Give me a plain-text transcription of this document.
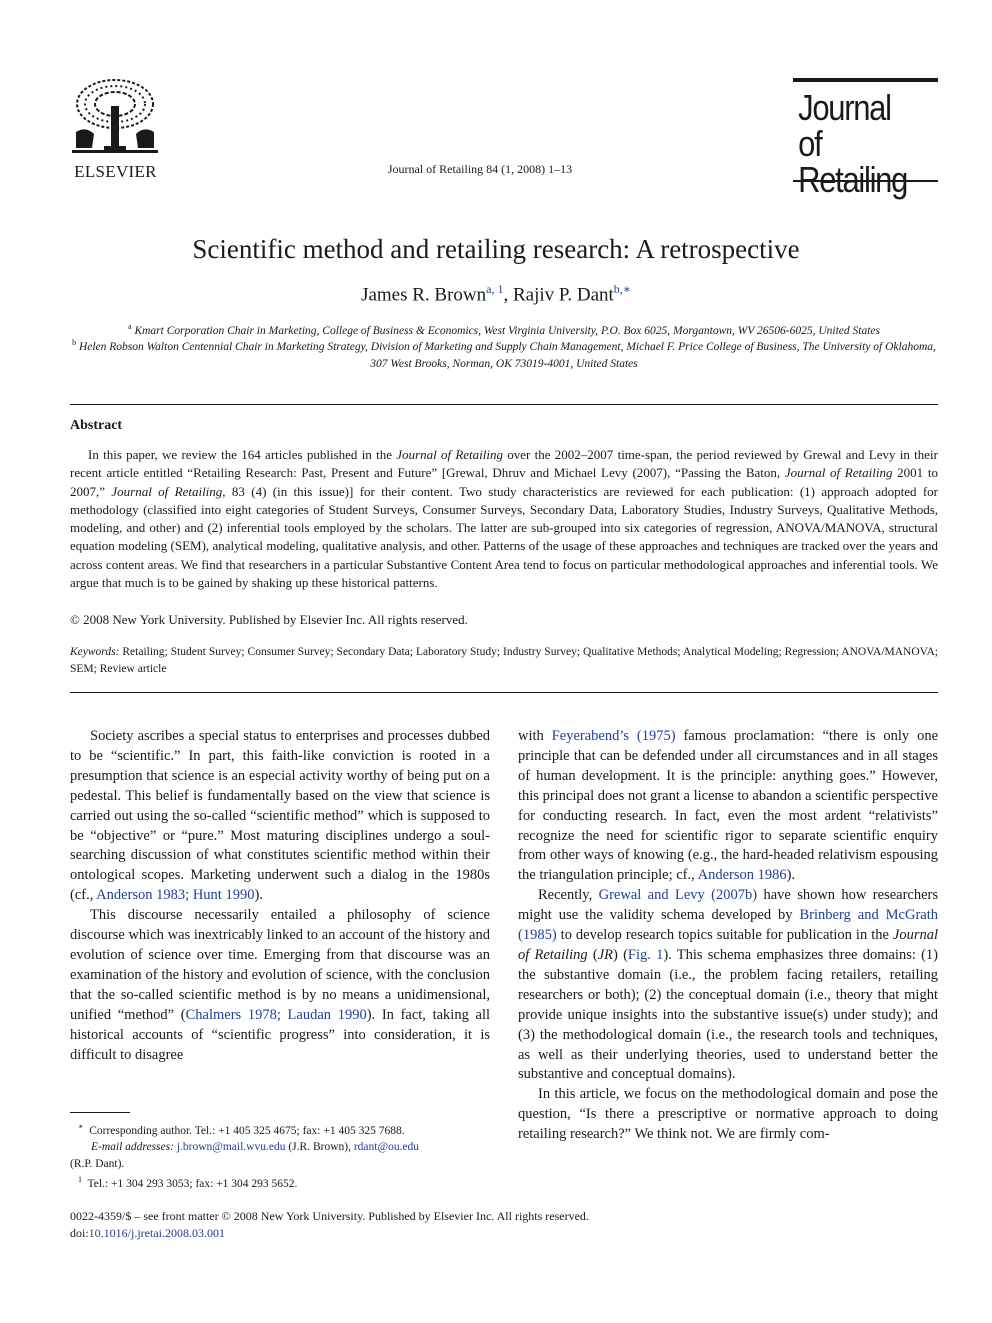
ELSEVIER	Journal of Retailing 84 (1, 2008) 1–13
Journal of
Retailing
Scientific method and retailing research: A retrospective
James R. Brown$^{a, 1}$, Rajiv P. Dant$^{b,∗}$
$^a$ Kmart Corporation Chair in Marketing, College of Business & Economics, West Virginia University, P.O. Box 6025, Morgantown, WV 26506-6025, United States
$^b$ Helen Robson Walton Centennial Chair in Marketing Strategy, Division of Marketing and Supply Chain Management, Michael F. Price College of Business, The University of Oklahoma, 307 West Brooks, Norman, OK 73019-4001, United States
Abstract
In this paper, we review the 164 articles published in the Journal of Retailing over the 2002–2007 time-span, the period reviewed by Grewal and Levy in their recent article entitled “Retailing Research: Past, Present and Future” [Grewal, Dhruv and Michael Levy (2007), “Passing the Baton, Journal of Retailing 2001 to 2007,” Journal of Retailing, 83 (4) (in this issue)] for their content. Two study characteristics are reviewed for each publication: (1) approach adopted for methodology (classified into eight categories of Student Surveys, Consumer Surveys, Secondary Data, Laboratory Studies, Industry Surveys, Qualitative Methods, modeling, and other) and (2) inferential tools employed by the scholars. The latter are sub-grouped into six categories of regression, ANOVA/MANOVA, structural equation modeling (SEM), analytical modeling, qualitative analysis, and other. Patterns of the usage of these approaches and techniques are tracked over the years and across content areas. We find that researchers in a particular Substantive Content Area tend to focus on particular methodological approaches and inferential tools. We argue that much is to be gained by shaking up these historical patterns.
© 2008 New York University. Published by Elsevier Inc. All rights reserved.
Keywords: Retailing; Student Survey; Consumer Survey; Secondary Data; Laboratory Study; Industry Survey; Qualitative Methods; Analytical Modeling; Regression; ANOVA/MANOVA; SEM; Review article

Society ascribes a special status to enterprises and processes dubbed to be “scientific.” In part, this faith-like conviction is rooted in a presumption that science is an especial activity worthy of being put on a pedestal. This belief is fundamentally based on the view that science is carried out using the so-called “scientific method” which is supposed to be “objective” or “pure.” Most maturing disciplines undergo a soul-searching discussion of what constitutes scientific method within their ontological scopes. Marketing underwent such a dialog in the 1980s (cf., Anderson 1983; Hunt 1990).

This discourse necessarily entailed a philosophy of science discourse which was inextricably linked to an account of the history and evolution of science over time. Emerging from that discourse was an examination of the history and evolution of science, with the conclusion that the so-called scientific method is by no means a unidimensional, unified “method” (Chalmers 1978; Laudan 1990). In fact, taking all historical accounts of “scientific progress” into consideration, it is difficult to disagree

with Feyerabend’s (1975) famous proclamation: “there is only one principle that can be defended under all circumstances and in all stages of human development. It is the principle: anything goes.” However, this principal does not grant a license to abandon a scientific perspective for conducting research. In fact, even the most ardent “relativists” recognize the need for scientific rigor to separate scientific enquiry from other ways of knowing (e.g., the hard-headed relativism espousing the triangulation principle; cf., Anderson 1986).

Recently, Grewal and Levy (2007b) have shown how researchers might use the validity schema developed by Brinberg and McGrath (1985) to develop research topics suitable for publication in the Journal of Retailing (JR) (Fig. 1). This schema emphasizes three domains: (1) the substantive domain (i.e., the problem facing retailers, retailing researchers or both); (2) the conceptual domain (i.e., theory that might provide unique insights into the substantive issue(s) under study); and (3) the methodological domain (i.e., the research tools and techniques, as well as their underlying theories, used to understand better the substantive and conceptual domains).

In this article, we focus on the methodological domain and pose the question, “Is there a prescriptive or normative approach to doing retailing research?” We think not. We are firmly com-

∗ Corresponding author. Tel.: +1 405 325 4675; fax: +1 405 325 7688.

E-mail addresses: j.brown@mail.wvu.edu (J.R. Brown), rdant@ou.edu

(R.P. Dant).

$^1$ Tel.: +1 304 293 3053; fax: +1 304 293 5652.

0022-4359/$ – see front matter © 2008 New York University. Published by Elsevier Inc. All rights reserved.
doi:10.1016/j.jretai.2008.03.001
